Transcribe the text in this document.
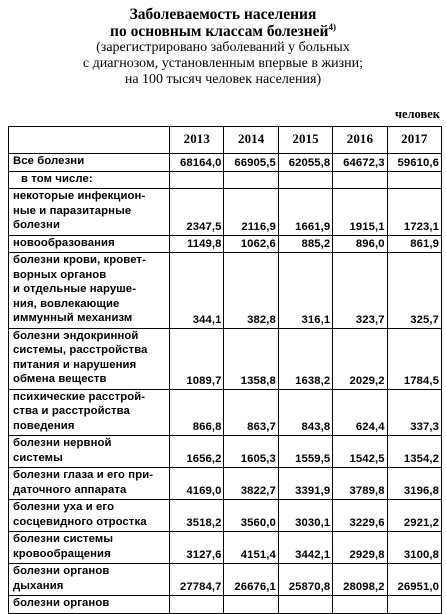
Заболеваемость населения
по основным классам болезней$^{4)}$
(зарегистрировано заболеваний у больных
с диагнозом, установленным впервые в жизни;
на 100 тысяч человек населения)
человек
	2013	2014	2015	2016	2017
Все болезни	68164,0	66905,5	62055,8	64672,3	59610,6
в том числе:					
некоторые инфекцион-
ные и паразитарные
болезни	2347,5	2116,9	1661,9	1915,1	1723,1
новообразования	1149,8	1062,6	885,2	896,0	861,9
болезни крови, кровет-
ворных органов
и отдельные наруше-
ния, вовлекающие
иммунный механизм	344,1	382,8	316,1	323,7	325,7
болезни эндокринной
системы, расстройства
питания и нарушения
обмена веществ	1089,7	1358,8	1638,2	2029,2	1784,5
психические расстрой-
ства и расстройства
поведения	866,8	863,7	843,8	624,4	337,3
болезни нервной
системы	1656,2	1605,3	1559,5	1542,5	1354,2
болезни глаза и его при-
даточного аппарата	4169,0	3822,7	3391,9	3789,8	3196,8
болезни уха и его
сосцевидного отростка	3518,2	3560,0	3030,1	3229,6	2921,2
болезни системы
кровообращения	3127,6	4151,4	3442,1	2929,8	3100,8
болезни органов
дыхания	27784,7	26676,1	25870,8	28098,2	26951,0
болезни органов					
